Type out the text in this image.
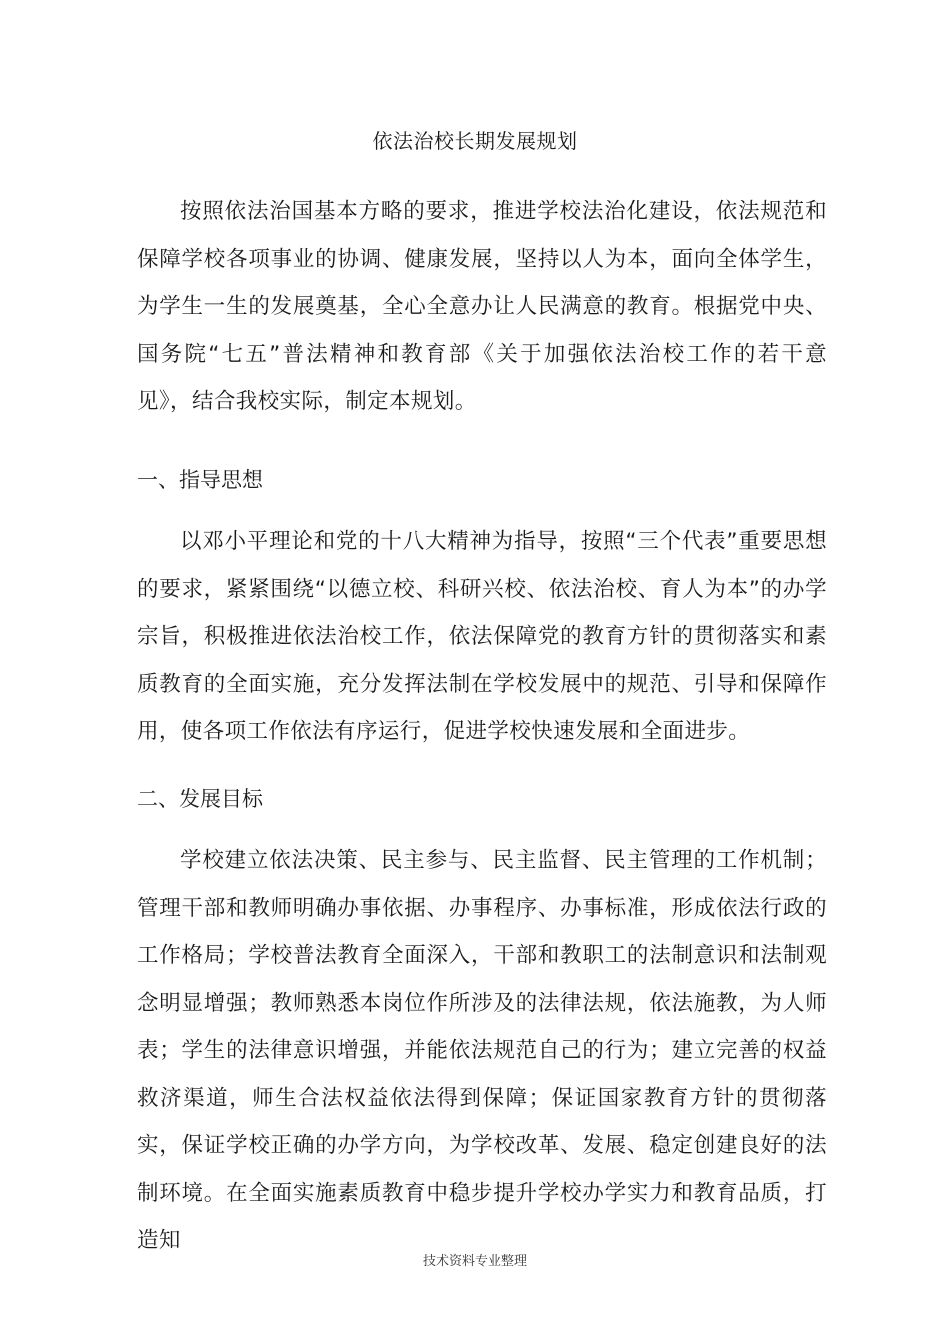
依法治校长期发展规划

按照依法治国基本方略的要求，推进学校法治化建设，依法规范和保障学校各项事业的协调、健康发展，坚持以人为本，面向全体学生，为学生一生的发展奠基，全心全意办让人民满意的教育。根据党中央、国务院“七五”普法精神和教育部《关于加强依法治校工作的若干意见》，结合我校实际，制定本规划。

一、指导思想

以邓小平理论和党的十八大精神为指导，按照“三个代表”重要思想的要求，紧紧围绕“以德立校、科研兴校、依法治校、育人为本”的办学宗旨，积极推进依法治校工作，依法保障党的教育方针的贯彻落实和素质教育的全面实施，充分发挥法制在学校发展中的规范、引导和保障作用，使各项工作依法有序运行，促进学校快速发展和全面进步。

二、发展目标

学校建立依法决策、民主参与、民主监督、民主管理的工作机制；管理干部和教师明确办事依据、办事程序、办事标准，形成依法行政的工作格局；学校普法教育全面深入，干部和教职工的法制意识和法制观念明显增强；教师熟悉本岗位作所涉及的法律法规，依法施教，为人师表；学生的法律意识增强，并能依法规范自己的行为；建立完善的权益救济渠道，师生合法权益依法得到保障；保证国家教育方针的贯彻落实，保证学校正确的办学方向，为学校改革、发展、稳定创建良好的法制环境。在全面实施素质教育中稳步提升学校办学实力和教育品质，打造知

技术资料专业整理
